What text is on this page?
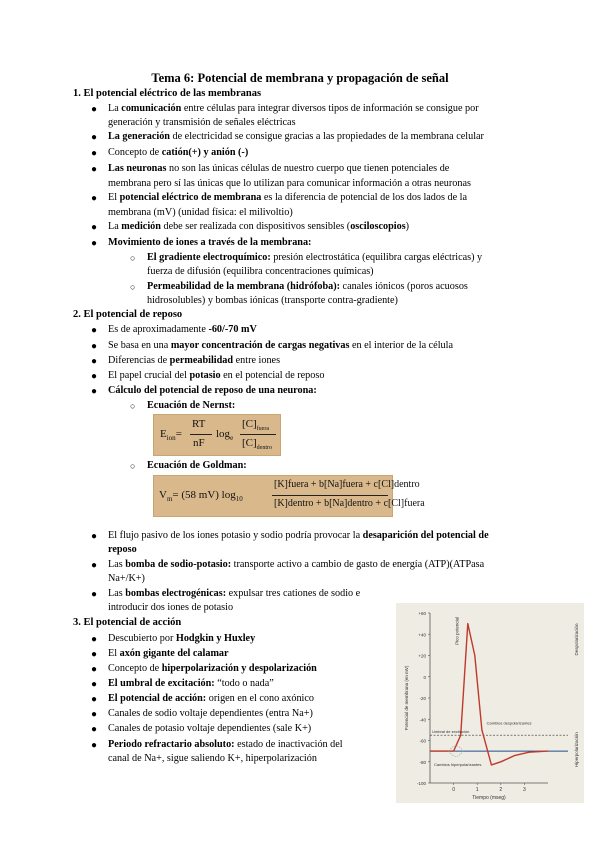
Tema 6: Potencial de membrana y propagación de señal
1. El potencial eléctrico de las membranas
● La comunicación entre células para integrar diversos tipos de información se consigue por
generación y transmisión de señales eléctricas
● La generación de electricidad se consigue gracias a las propiedades de la membrana celular
● Concepto de catión(+) y anión (-)
● Las neuronas no son las únicas células de nuestro cuerpo que tienen potenciales de
membrana pero sí las únicas que lo utilizan para comunicar información a otras neuronas
● El potencial eléctrico de membrana es la diferencia de potencial de los dos lados de la
membrana (mV) (unidad física: el milivoltio)
● La medición debe ser realizada con dispositivos sensibles (osciloscopios)
● Movimiento de iones a través de la membrana:
○ El gradiente electroquímico: presión electrostática (equilibra cargas eléctricas) y
fuerza de difusión (equilibra concentraciones químicas)
○ Permeabilidad de la membrana (hidrófoba): canales iónicos (poros acuosos
hidrosolubles) y bombas iónicas (transporte contra-gradiente)
2. El potencial de reposo
● Es de aproximadamente -60/-70 mV
● Se basa en una mayor concentración de cargas negativas en el interior de la célula
● Diferencias de permeabilidad entre iones
● El papel crucial del potasio en el potencial de reposo
● Cálculo del potencial de reposo de una neurona:
○ Ecuación de Nernst:
$E_{ion}=$
RT
nF
$\log_e$
$[C]_{fuera}$
$[C]_{dentro}$
○ Ecuación de Goldman:
$V_m= (58$ mV) $\log_{10}$
[K]fuera + b[Na]fuera + c[Cl]dentro
[K]dentro + b[Na]dentro + c[Cl]fuera
● El flujo pasivo de los iones potasio y sodio podría provocar la desaparición del potencial de
reposo
● Las bomba de sodio-potasio: transporte activo a cambio de gasto de energía (ATP)(ATPasa
Na+/K+)
● Las bombas electrogénicas: expulsar tres cationes de sodio e
introducir dos iones de potasio
3. El potencial de acción
● Descubierto por Hodgkin y Huxley
● El axón gigante del calamar
● Concepto de hiperpolarización y despolarización
● El umbral de excitación: “todo o nada”
● El potencial de acción: origen en el cono axónico
● Canales de sodio voltaje dependientes (entra Na+)
● Canales de potasio voltaje dependientes (sale K+)
● Periodo refractario absoluto: estado de inactivación del
canal de Na+, sigue saliendo K+, hiperpolarización
+60
+40
+20
0
-20
-40
-60
-80
-100
0	1	2	3
Tiempo (mseg)
Potencial de membrana (en mV)
Pico potencial
Umbral de excitación
Cambios despolarizantes
Cambios hiperpolarizantes
Despolarización
Hiperpolarización
